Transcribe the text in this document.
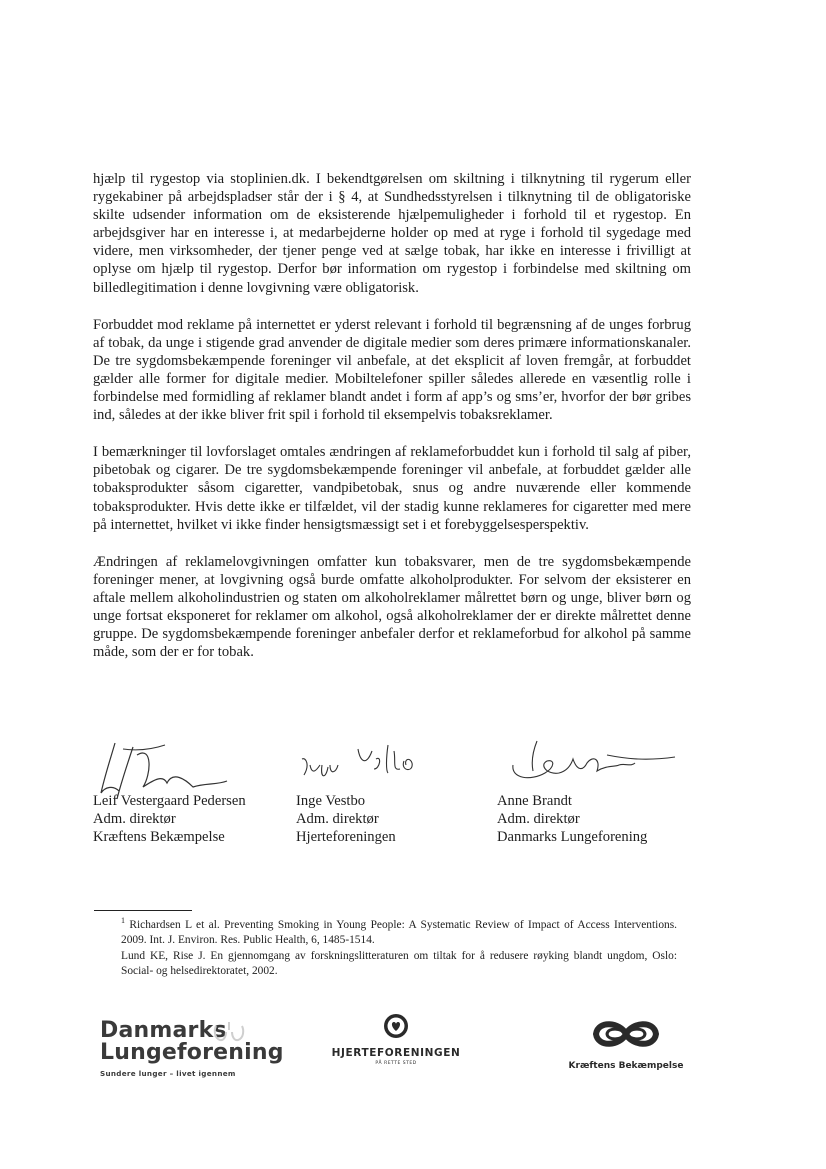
hjælp til rygestop via stoplinien.dk. I bekendtgørelsen om skiltning i tilknytning til rygerum eller rygekabiner på arbejdspladser står der i § 4, at Sundhedsstyrelsen i tilknytning til de obligatoriske skilte udsender information om de eksisterende hjælpemuligheder i forhold til et rygestop. En arbejdsgiver har en interesse i, at medarbejderne holder op med at ryge i forhold til sygedage med videre, men virksomheder, der tjener penge ved at sælge tobak, har ikke en interesse i frivilligt at oplyse om hjælp til rygestop. Derfor bør information om rygestop i forbindelse med skiltning om billedlegitimation i denne lovgivning være obligatorisk.

Forbuddet mod reklame på internettet er yderst relevant i forhold til begrænsning af de unges forbrug af tobak, da unge i stigende grad anvender de digitale medier som deres primære informationskanaler. De tre sygdomsbekæmpende foreninger vil anbefale, at det eksplicit af loven fremgår, at forbuddet gælder alle former for digitale medier. Mobiltelefoner spiller således allerede en væsentlig rolle i forbindelse med formidling af reklamer blandt andet i form af app’s og sms’er, hvorfor der bør gribes ind, således at der ikke bliver frit spil i forhold til eksempelvis tobaksreklamer.

I bemærkninger til lovforslaget omtales ændringen af reklameforbuddet kun i forhold til salg af piber, pibetobak og cigarer. De tre sygdomsbekæmpende foreninger vil anbefale, at forbuddet gælder alle tobaksprodukter såsom cigaretter, vandpibetobak, snus og andre nuværende eller kommende tobaksprodukter. Hvis dette ikke er tilfældet, vil der stadig kunne reklameres for cigaretter med mere på internettet, hvilket vi ikke finder hensigtsmæssigt set i et forebyggelsesperspektiv.

Ændringen af reklamelovgivningen omfatter kun tobaksvarer, men de tre sygdomsbekæmpende foreninger mener, at lovgivning også burde omfatte alkoholprodukter. For selvom der eksisterer en aftale mellem alkoholindustrien og staten om alkoholreklamer målrettet børn og unge, bliver børn og unge fortsat eksponeret for reklamer om alkohol, også alkoholreklamer der er direkte målrettet denne gruppe. De sygdomsbekæmpende foreninger anbefaler derfor et reklameforbud for alkohol på samme måde, som der er for tobak.

Leif Vestergaard Pedersen
Adm. direktør
Kræftens Bekæmpelse
Inge Vestbo
Adm. direktør
Hjerteforeningen
Anne Brandt
Adm. direktør
Danmarks Lungeforening
$^1$ Richardsen L et al. Preventing Smoking in Young People: A Systematic Review of Impact of Access Interventions. 2009. Int. J. Environ. Res. Public Health, 6, 1485-1514.
Lund KE, Rise J. En gjennomgang av forskningslitteraturen om tiltak for å redusere røyking blandt ungdom, Oslo: Social- og helsedirektoratet, 2002.
Danmarks
Lungeforening
Sundere lunger – livet igennem
HJERTEFORENINGEN
PÅ RETTE STED	Kræftens Bekæmpelse
